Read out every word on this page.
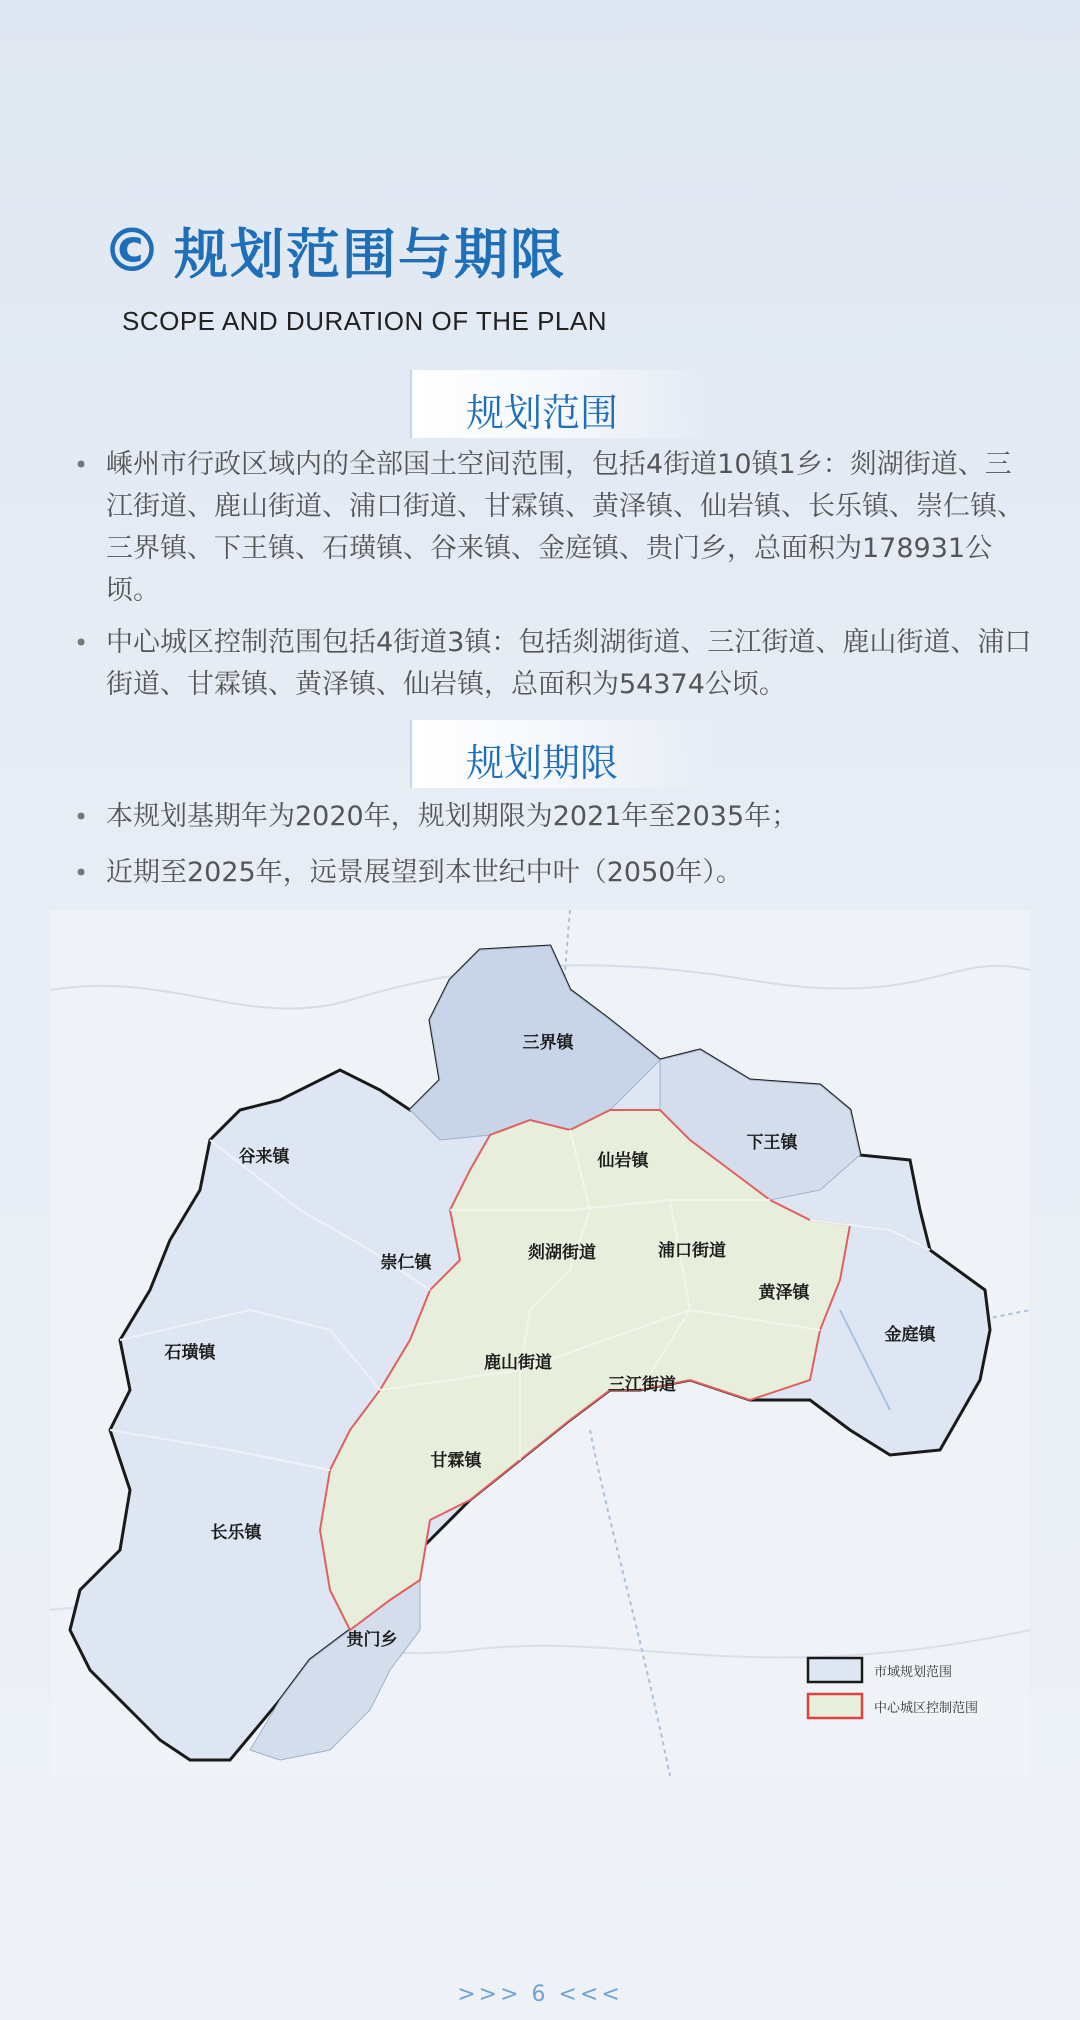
© 规划范围与期限
SCOPE AND DURATION OF THE PLAN
规划范围
• 嵊州市行政区域内的全部国土空间范围，包括4街道10镇1乡：剡湖街道、三江街道、鹿山街道、浦口街道、甘霖镇、黄泽镇、仙岩镇、长乐镇、崇仁镇、三界镇、下王镇、石璜镇、谷来镇、金庭镇、贵门乡，总面积为178931公顷。
• 中心城区控制范围包括4街道3镇：包括剡湖街道、三江街道、鹿山街道、浦口街道、甘霖镇、黄泽镇、仙岩镇，总面积为54374公顷。
规划期限
• 本规划基期年为2020年，规划期限为2021年至2035年；
• 近期至2025年，远景展望到本世纪中叶（2050年）。
三界镇
下王镇
仙岩镇
谷来镇
崇仁镇	剡湖街道	浦口街道
黄泽镇
金庭镇
石璜镇	鹿山街道
三江街道
甘霖镇
长乐镇
贵门乡
市域规划范围
中心城区控制范围
>>> 6 <<<
